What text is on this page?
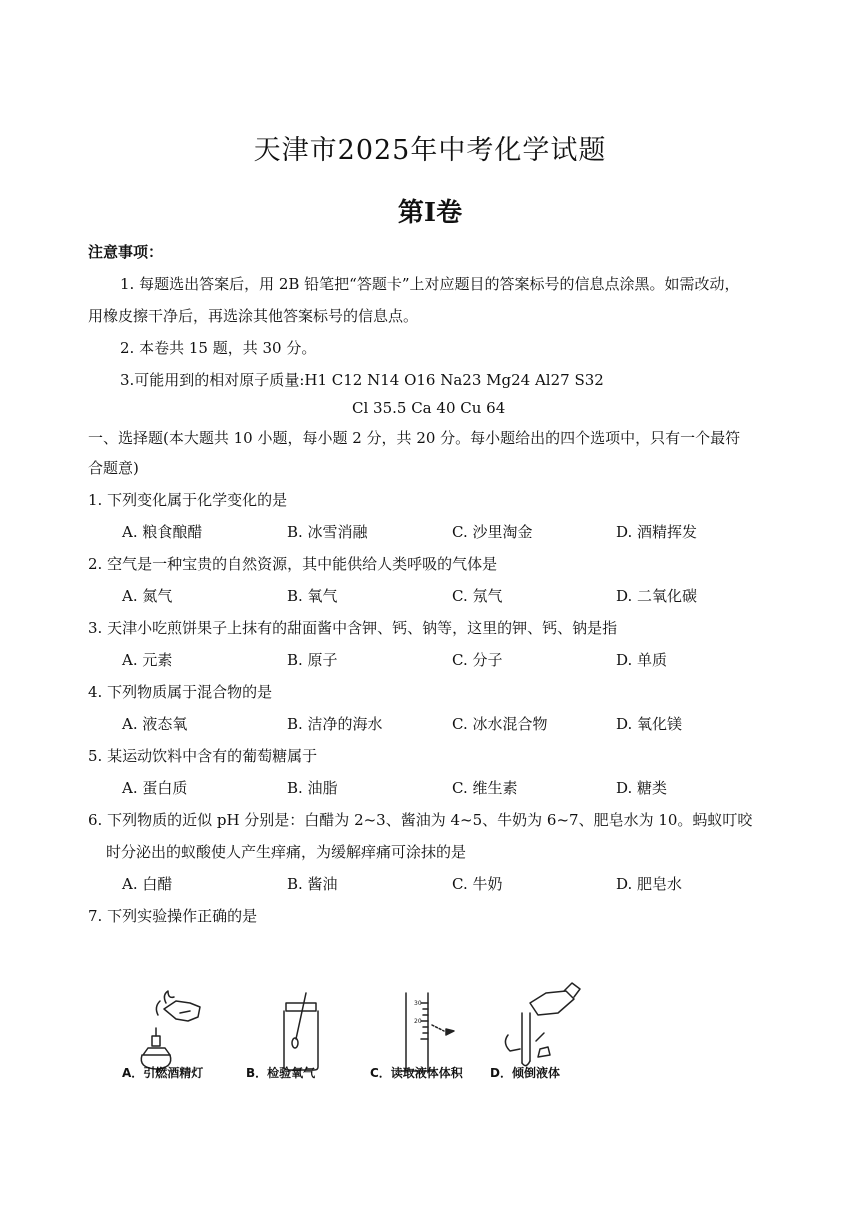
天津市2025年中考化学试题
第Ⅰ卷
注意事项：
1. 每题选出答案后，用 2B 铅笔把“答题卡”上对应题目的答案标号的信息点涂黑。如需改动，
用橡皮擦干净后，再选涂其他答案标号的信息点。
2. 本卷共 15 题，共 30 分。
3.可能用到的相对原子质量:H1 C12 N14 O16 Na23 Mg24 Al27 S32
Cl 35.5 Ca 40 Cu 64
一、选择题(本大题共 10 小题，每小题 2 分，共 20 分。每小题给出的四个选项中，只有一个最符
合题意)
1. 下列变化属于化学变化的是
A. 粮食酿醋	B. 冰雪消融	C. 沙里淘金	D. 酒精挥发
2. 空气是一种宝贵的自然资源，其中能供给人类呼吸的气体是
A. 氮气	B. 氧气	C. 氖气	D. 二氧化碳
3. 天津小吃煎饼果子上抹有的甜面酱中含钾、钙、钠等，这里的钾、钙、钠是指
A. 元素	B. 原子	C. 分子	D. 单质
4. 下列物质属于混合物的是
A. 液态氧	B. 洁净的海水	C. 冰水混合物	D. 氧化镁
5. 某运动饮料中含有的葡萄糖属于
A. 蛋白质	B. 油脂	C. 维生素	D. 糖类
6. 下列物质的近似 pH 分别是：白醋为 2~3、酱油为 4~5、牛奶为 6~7、肥皂水为 10。蚂蚁叮咬
时分泌出的蚁酸使人产生痒痛，为缓解痒痛可涂抹的是
A. 白醋	B. 酱油	C. 牛奶	D. 肥皂水
7. 下列实验操作正确的是
30
20
A．引燃酒精灯	B．检验氧气	C．读取液体体积 D．倾倒液体
